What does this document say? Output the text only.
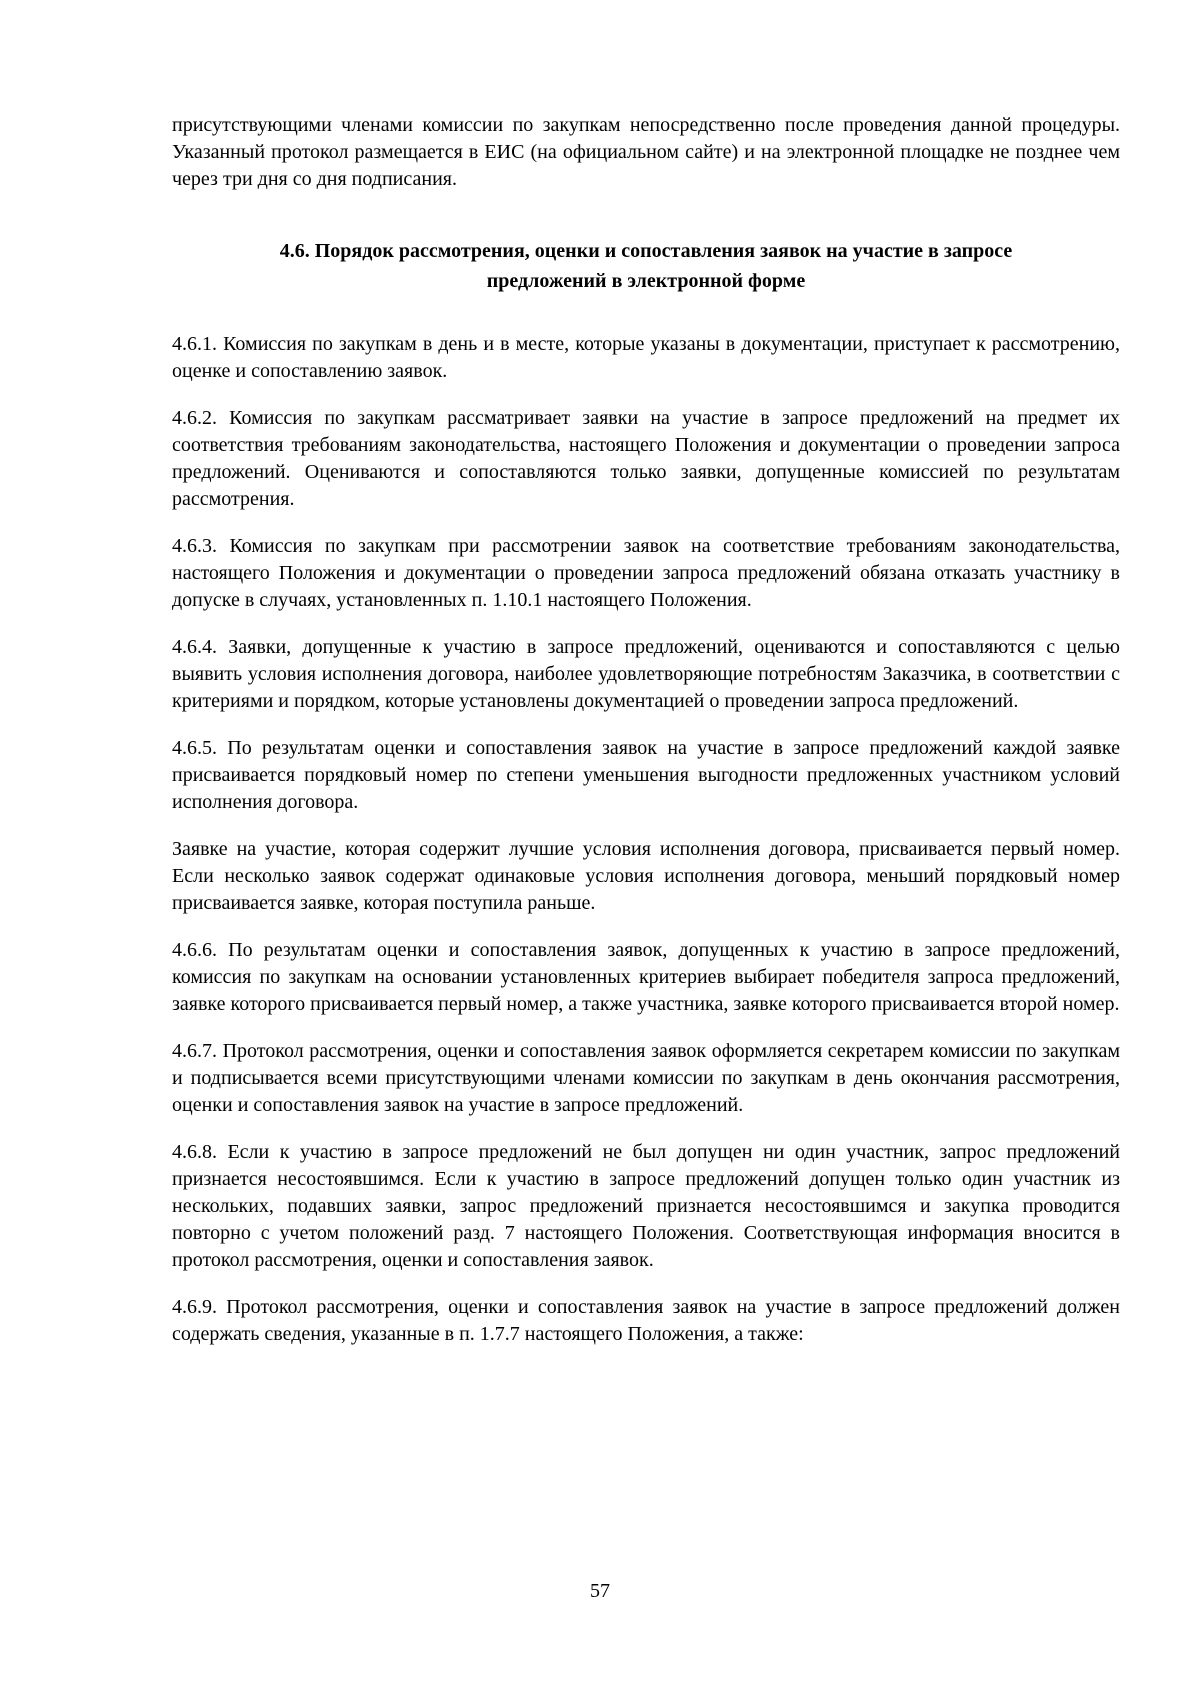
присутствующими членами комиссии по закупкам непосредственно после проведения данной процедуры. Указанный протокол размещается в ЕИС (на официальном сайте) и на электронной площадке не позднее чем через три дня со дня подписания.

4.6. Порядок рассмотрения, оценки и сопоставления заявок на участие в запросе
предложений в электронной форме

4.6.1. Комиссия по закупкам в день и в месте, которые указаны в документации, приступает к рассмотрению, оценке и сопоставлению заявок.

4.6.2. Комиссия по закупкам рассматривает заявки на участие в запросе предложений на предмет их соответствия требованиям законодательства, настоящего Положения и документации о проведении запроса предложений. Оцениваются и сопоставляются только заявки, допущенные комиссией по результатам рассмотрения.

4.6.3. Комиссия по закупкам при рассмотрении заявок на соответствие требованиям законодательства, настоящего Положения и документации о проведении запроса предложений обязана отказать участнику в допуске в случаях, установленных п. 1.10.1 настоящего Положения.

4.6.4. Заявки, допущенные к участию в запросе предложений, оцениваются и сопоставляются с целью выявить условия исполнения договора, наиболее удовлетворяющие потребностям Заказчика, в соответствии с критериями и порядком, которые установлены документацией о проведении запроса предложений.

4.6.5. По результатам оценки и сопоставления заявок на участие в запросе предложений каждой заявке присваивается порядковый номер по степени уменьшения выгодности предложенных участником условий исполнения договора.

Заявке на участие, которая содержит лучшие условия исполнения договора, присваивается первый номер. Если несколько заявок содержат одинаковые условия исполнения договора, меньший порядковый номер присваивается заявке, которая поступила раньше.

4.6.6. По результатам оценки и сопоставления заявок, допущенных к участию в запросе предложений, комиссия по закупкам на основании установленных критериев выбирает победителя запроса предложений, заявке которого присваивается первый номер, а также участника, заявке которого присваивается второй номер.

4.6.7. Протокол рассмотрения, оценки и сопоставления заявок оформляется секретарем комиссии по закупкам и подписывается всеми присутствующими членами комиссии по закупкам в день окончания рассмотрения, оценки и сопоставления заявок на участие в запросе предложений.

4.6.8. Если к участию в запросе предложений не был допущен ни один участник, запрос предложений признается несостоявшимся. Если к участию в запросе предложений допущен только один участник из нескольких, подавших заявки, запрос предложений признается несостоявшимся и закупка проводится повторно с учетом положений разд. 7 настоящего Положения. Соответствующая информация вносится в протокол рассмотрения, оценки и сопоставления заявок.

4.6.9. Протокол рассмотрения, оценки и сопоставления заявок на участие в запросе предложений должен содержать сведения, указанные в п. 1.7.7 настоящего Положения, а также:

57
